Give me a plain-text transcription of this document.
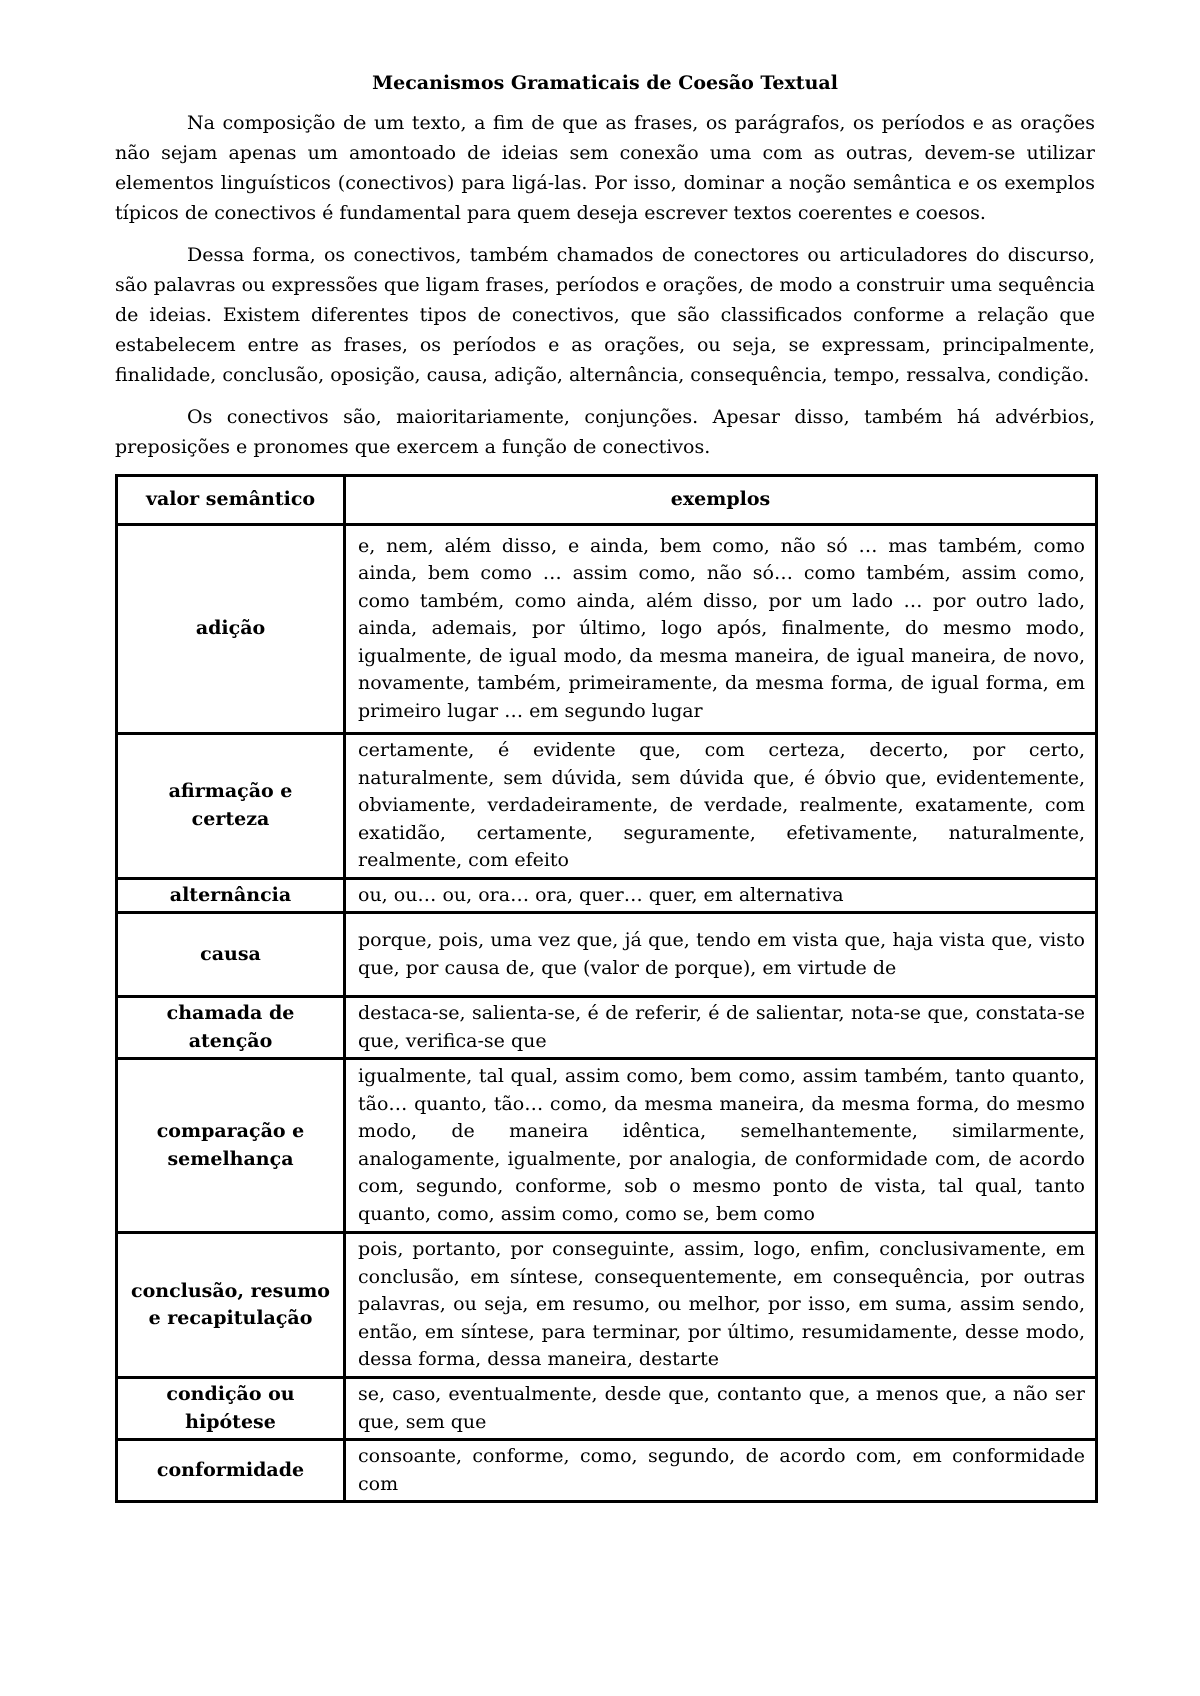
Mecanismos Gramaticais de Coesão Textual

Na composição de um texto, a fim de que as frases, os parágrafos, os períodos e as orações não sejam apenas um amontoado de ideias sem conexão uma com as outras, devem-se utilizar elementos linguísticos (conectivos) para ligá-las. Por isso, dominar a noção semântica e os exemplos típicos de conectivos é fundamental para quem deseja escrever textos coerentes e coesos.

Dessa forma, os conectivos, também chamados de conectores ou articuladores do discurso, são palavras ou expressões que ligam frases, períodos e orações, de modo a construir uma sequência de ideias. Existem diferentes tipos de conectivos, que são classificados conforme a relação que estabelecem entre as frases, os períodos e as orações, ou seja, se expressam, principalmente, finalidade, conclusão, oposição, causa, adição, alternância, consequência, tempo, ressalva, condição.

Os conectivos são, maioritariamente, conjunções. Apesar disso, também há advérbios, preposições e pronomes que exercem a função de conectivos.

valor semântico	exemplos
adição	e, nem, além disso, e ainda, bem como, não só … mas também, como ainda, bem como … assim como, não só… como também, assim como, como também, como ainda, além disso, por um lado … por outro lado, ainda, ademais, por último, logo após, finalmente, do mesmo modo, igualmente, de igual modo, da mesma maneira, de igual maneira, de novo, novamente, também, primeiramente, da mesma forma, de igual forma, em primeiro lugar … em segundo lugar
afirmação e certeza	certamente, é evidente que, com certeza, decerto, por certo, naturalmente, sem dúvida, sem dúvida que, é óbvio que, evidentemente, obviamente, verdadeiramente, de verdade, realmente, exatamente, com exatidão, certamente, seguramente, efetivamente, naturalmente, realmente, com efeito
alternância	ou, ou… ou, ora… ora, quer… quer, em alternativa
causa	porque, pois, uma vez que, já que, tendo em vista que, haja vista que, visto que, por causa de, que (valor de porque), em virtude de
chamada de atenção	destaca-se, salienta-se, é de referir, é de salientar, nota-se que, constata-se que, verifica-se que
comparação e semelhança	igualmente, tal qual, assim como, bem como, assim também, tanto quanto, tão… quanto, tão… como, da mesma maneira, da mesma forma, do mesmo modo, de maneira idêntica, semelhantemente, similarmente, analogamente, igualmente, por analogia, de conformidade com, de acordo com, segundo, conforme, sob o mesmo ponto de vista, tal qual, tanto quanto, como, assim como, como se, bem como
conclusão, resumo e recapitulação	pois, portanto, por conseguinte, assim, logo, enfim, conclusivamente, em conclusão, em síntese, consequentemente, em consequência, por outras palavras, ou seja, em resumo, ou melhor, por isso, em suma, assim sendo, então, em síntese, para terminar, por último, resumidamente, desse modo, dessa forma, dessa maneira, destarte
condição ou hipótese	se, caso, eventualmente, desde que, contanto que, a menos que, a não ser que, sem que
conformidade	consoante, conforme, como, segundo, de acordo com, em conformidade com
